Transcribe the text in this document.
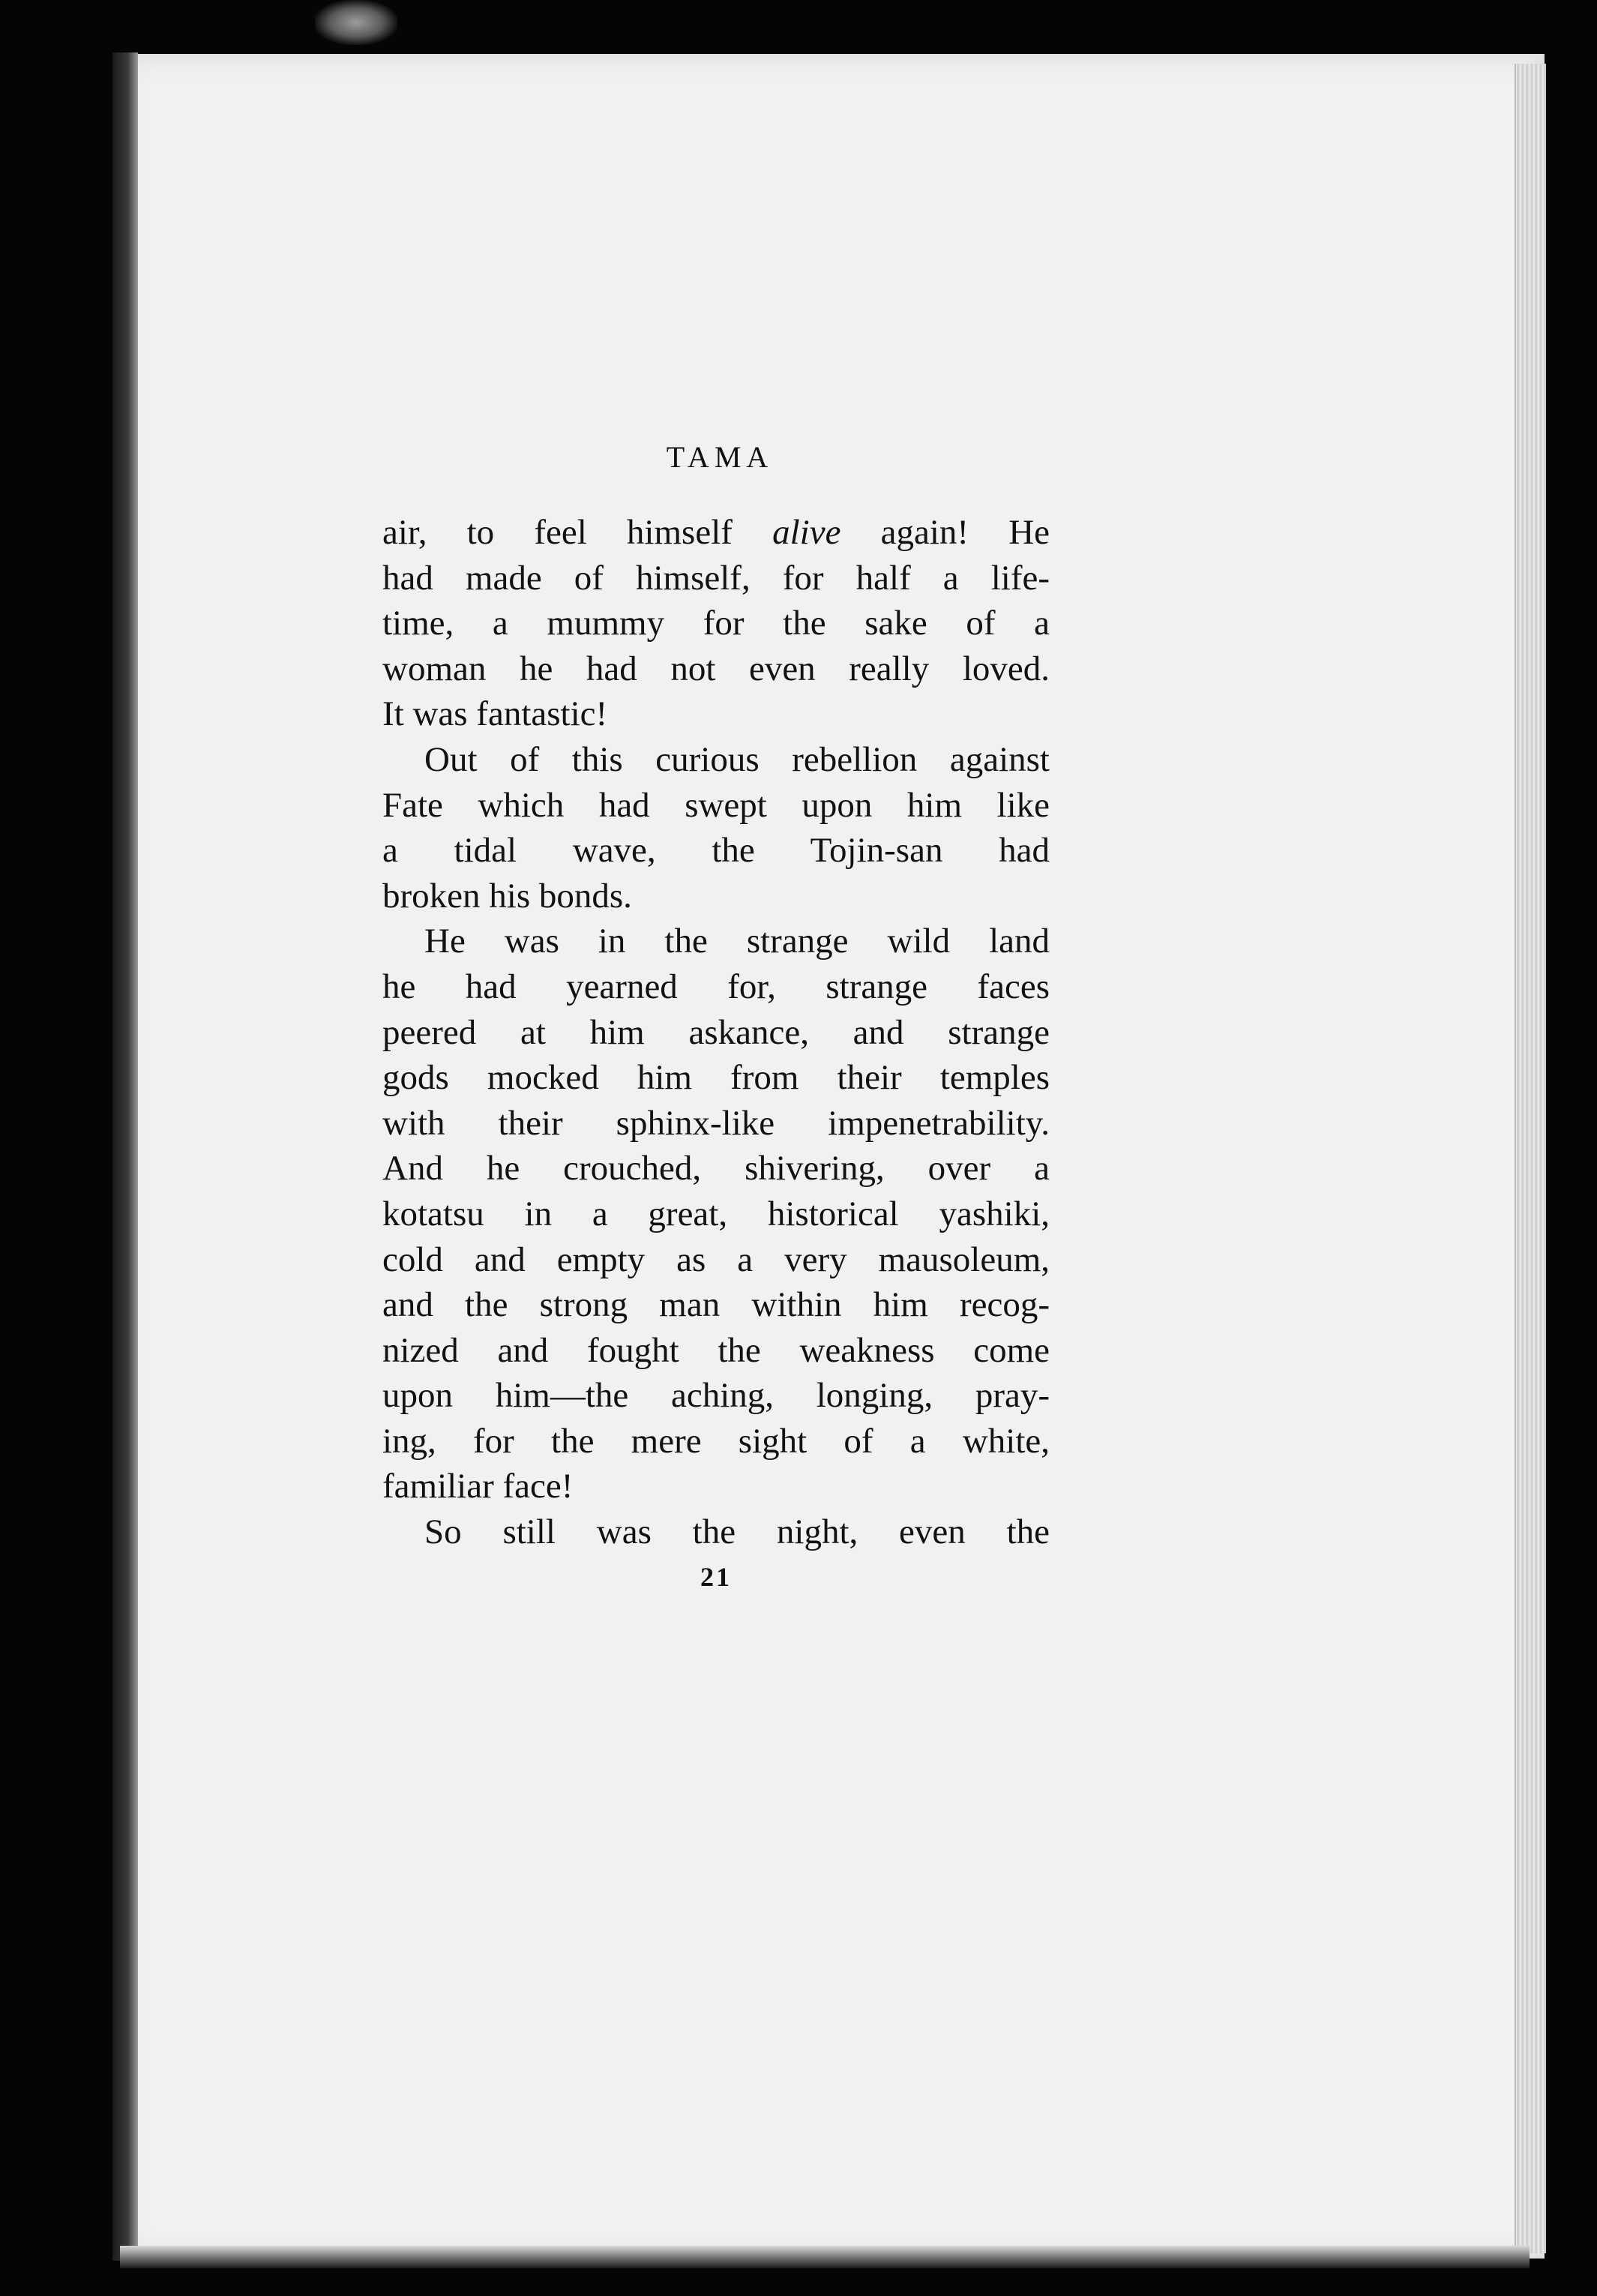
TAMA
air, to feel himself alive again! He
had made of himself, for half a life-
time, a mummy for the sake of a
woman he had not even really loved.
It was fantastic!
Out of this curious rebellion against
Fate which had swept upon him like
a tidal wave, the Tojin-san had
broken his bonds.
He was in the strange wild land
he had yearned for, strange faces
peered at him askance, and strange
gods mocked him from their temples
with their sphinx-like impenetrability.
And he crouched, shivering, over a
kotatsu in a great, historical yashiki,
cold and empty as a very mausoleum,
and the strong man within him recog-
nized and fought the weakness come
upon him—the aching, longing, pray-
ing, for the mere sight of a white,
familiar face!
So still was the night, even the
21
